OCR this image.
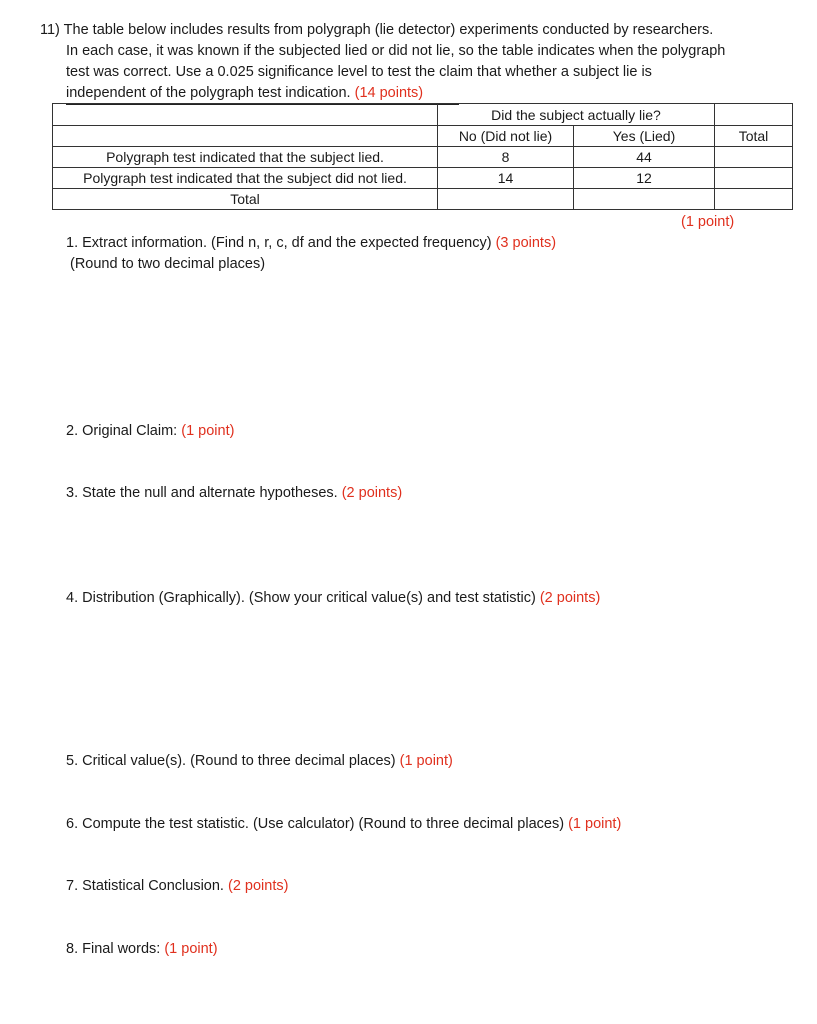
11) The table below includes results from polygraph (lie detector) experiments conducted by researchers.
In each case, it was known if the subjected lied or did not lie, so the table indicates when the polygraph
test was correct. Use a 0.025 significance level to test the claim that whether a subject lie is
independent of the polygraph test indication. (14 points)
	Did the subject actually lie?		
	No (Did not lie)	Yes (Lied)	Total
Polygraph test indicated that the subject lied.	8	44	
Polygraph test indicated that the subject did not lied.	14	12	
Total			
(1 point)
1. Extract information. (Find n, r, c, df and the expected frequency) (3 points)
(Round to two decimal places)
2. Original Claim: (1 point)
3. State the null and alternate hypotheses. (2 points)
4. Distribution (Graphically). (Show your critical value(s) and test statistic) (2 points)
5. Critical value(s). (Round to three decimal places) (1 point)
6. Compute the test statistic. (Use calculator) (Round to three decimal places) (1 point)
7. Statistical Conclusion. (2 points)
8. Final words: (1 point)
